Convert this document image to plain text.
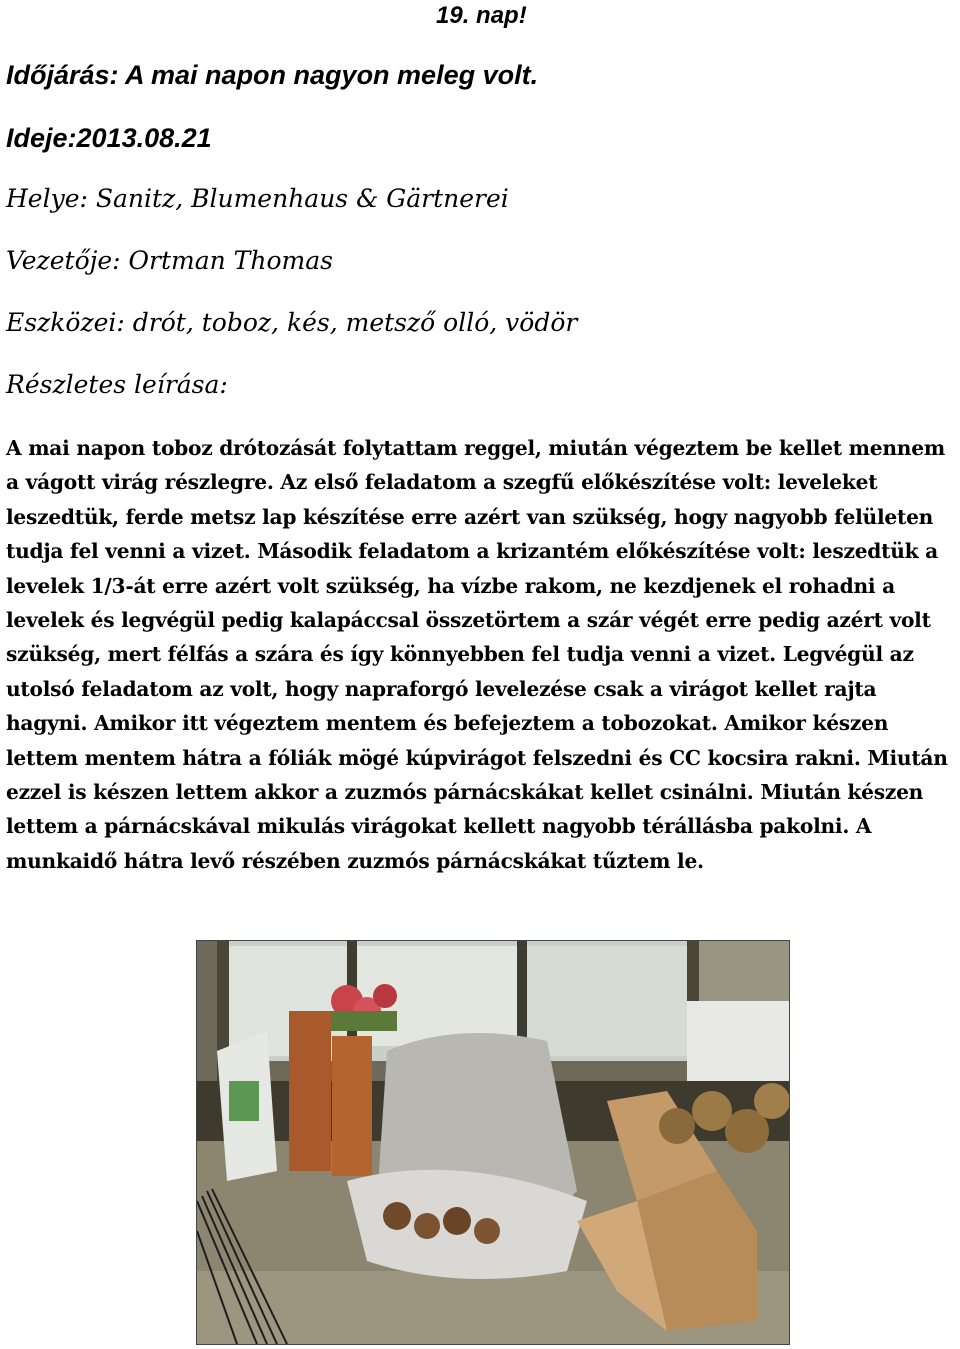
19. nap!
Időjárás: A mai napon nagyon meleg volt.
Ideje:2013.08.21
Helye: Sanitz, Blumenhaus & Gärtnerei
Vezetője: Ortman Thomas
Eszközei: drót, toboz, kés, metsző olló, vödör
Részletes leírása:

A mai napon toboz drótozását folytattam reggel, miután végeztem be kellet mennem a vágott virág részlegre. Az első feladatom a szegfű előkészítése volt: leveleket leszedtük, ferde metsz lap készítése erre azért van szükség, hogy nagyobb felületen tudja fel venni a vizet. Második feladatom a krizantém előkészítése volt: leszedtük a levelek 1/3-át erre azért volt szükség, ha vízbe rakom, ne kezdjenek el rohadni a levelek és legvégül pedig kalapáccsal összetörtem a szár végét erre pedig azért volt szükség, mert félfás a szára és így könnyebben fel tudja venni a vizet. Legvégül az utolsó feladatom az volt, hogy napraforgó levelezése csak a virágot kellet rajta hagyni. Amikor itt végeztem mentem és befejeztem a tobozokat. Amikor készen lettem mentem hátra a fóliák mögé kúpvirágot felszedni és CC kocsira rakni. Miután ezzel is készen lettem akkor a zuzmós párnácskákat kellet csinálni. Miután készen lettem a párnácskával mikulás virágokat kellett nagyobb térállásba pakolni. A munkaidő hátra levő részében zuzmós párnácskákat tűztem le.
